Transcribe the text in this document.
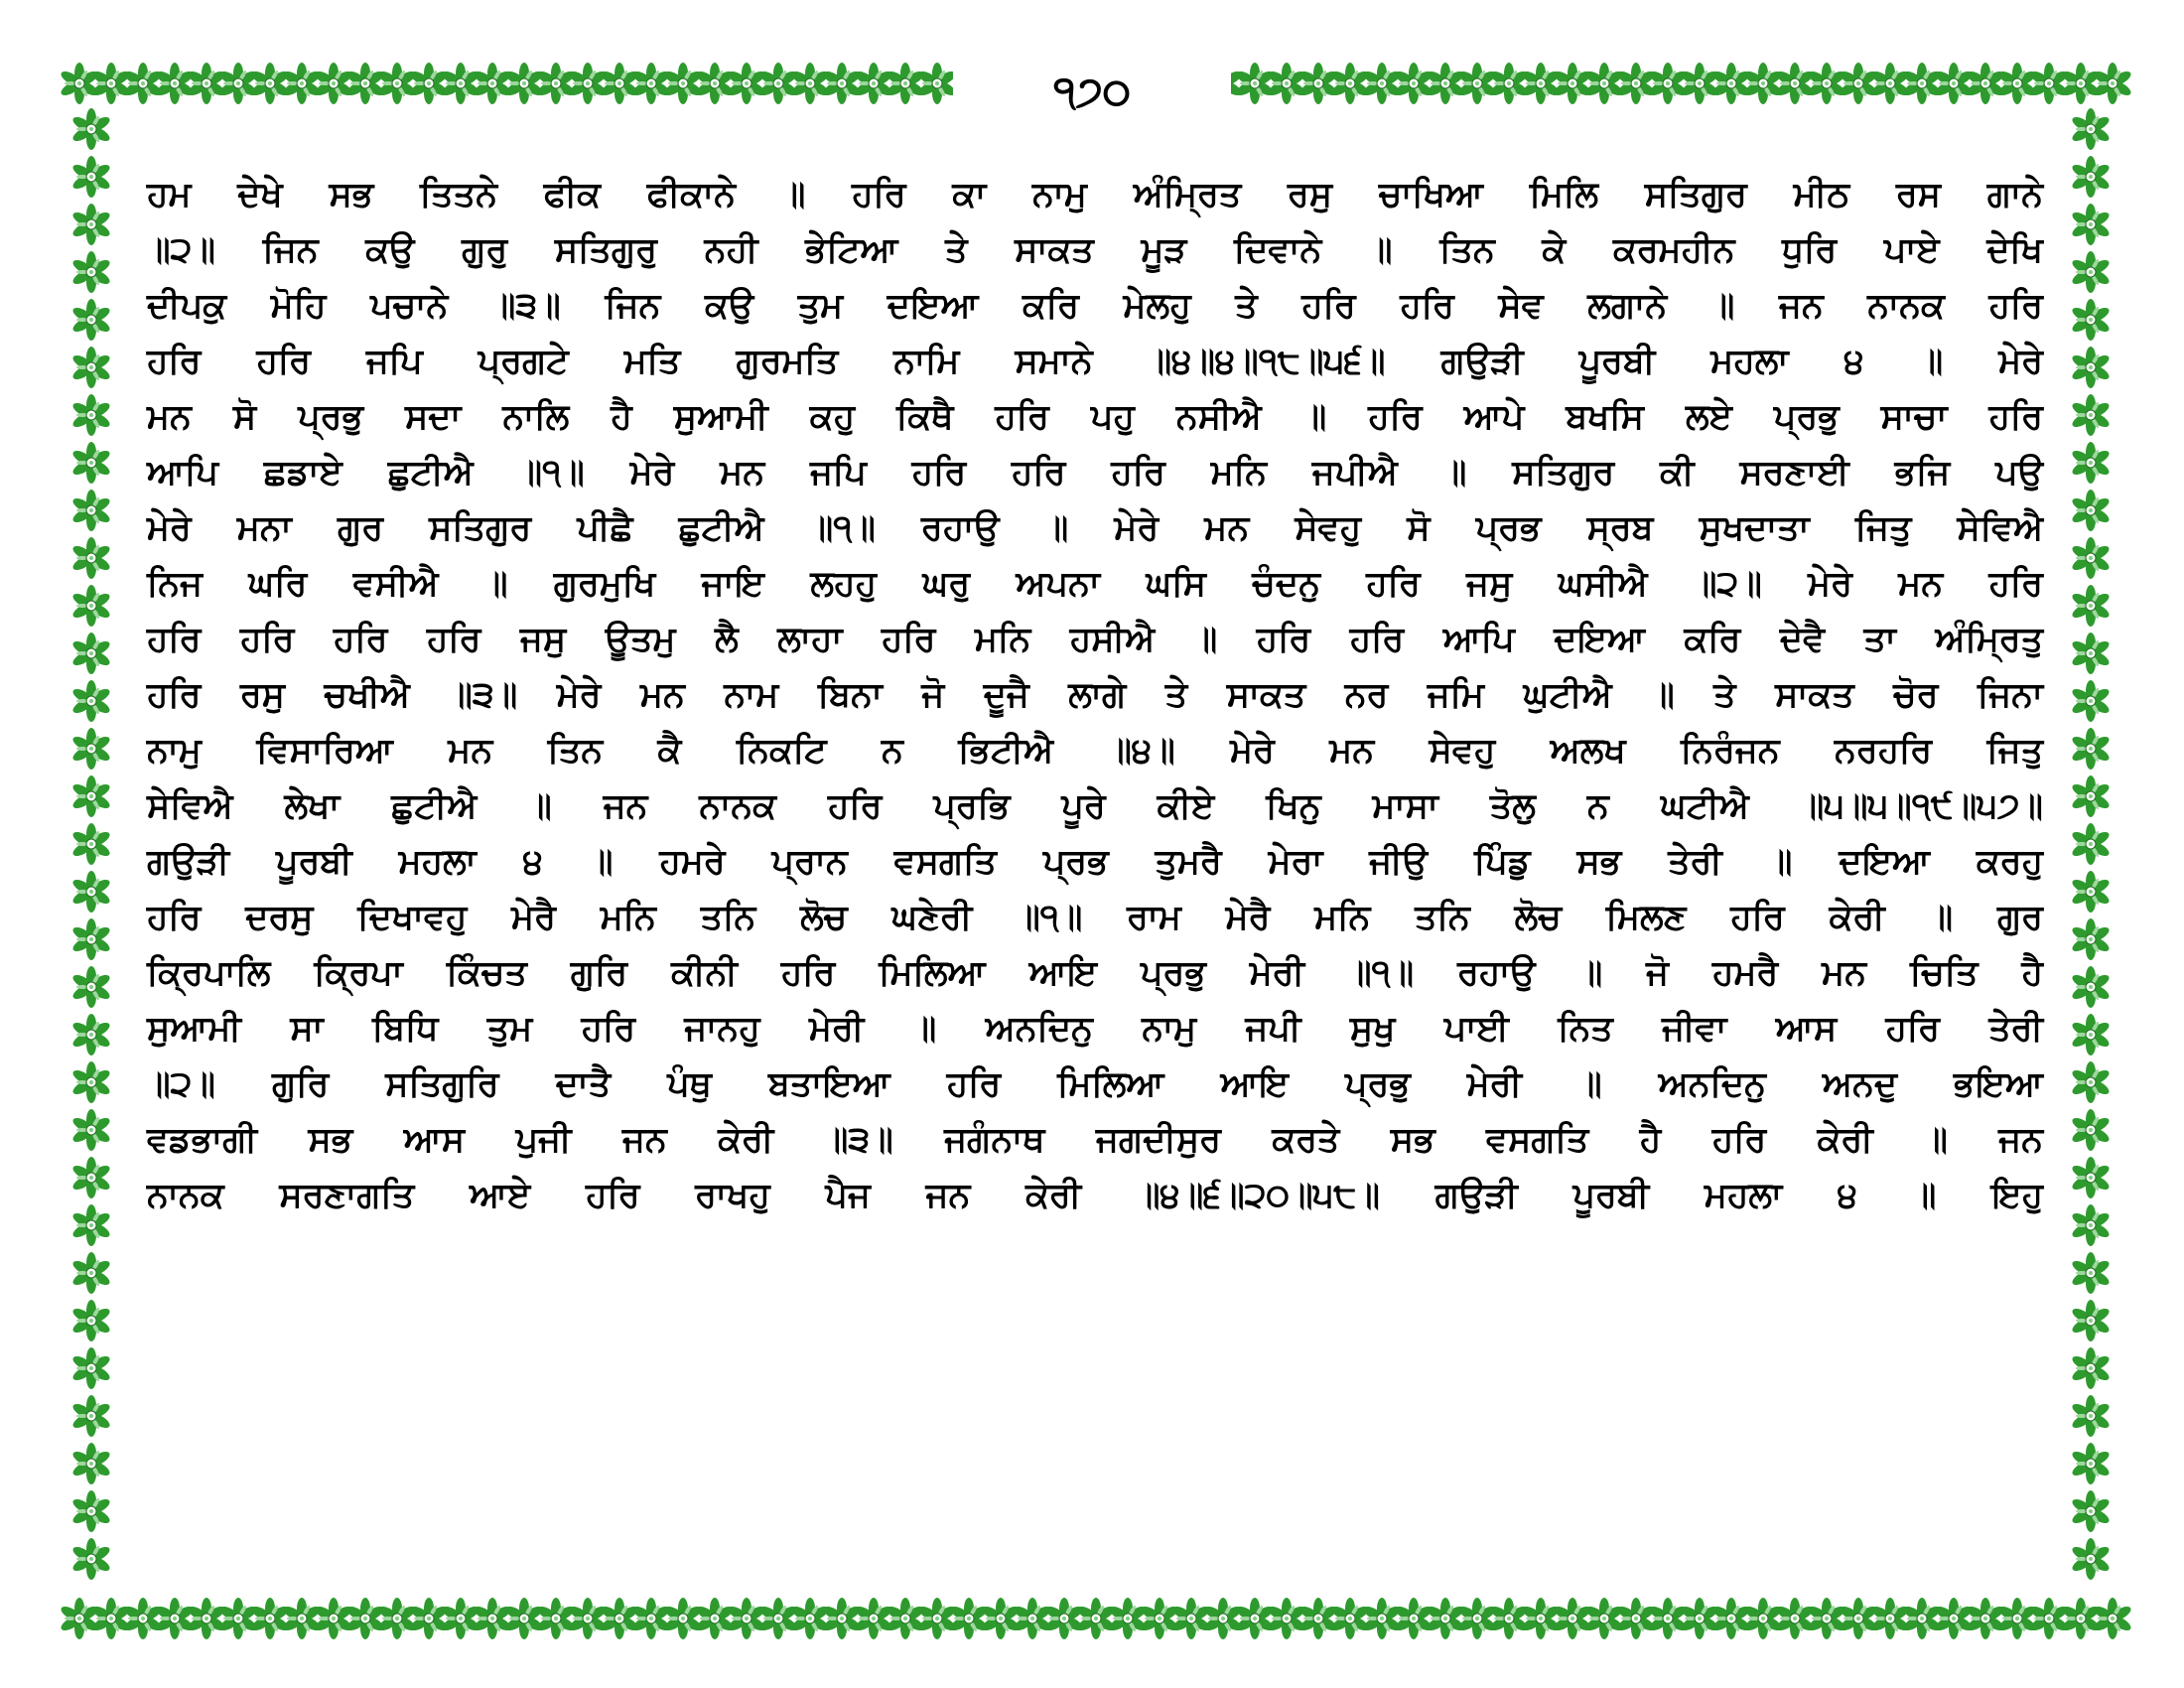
੧੭੦
ਹਮ ਦੇਖੇ ਸਭ ਤਿਤਨੇ ਫੀਕ ਫੀਕਾਨੇ ॥ ਹਰਿ ਕਾ ਨਾਮੁ ਅੰਮ੍ਰਿਤ ਰਸੁ ਚਾਖਿਆ ਮਿਲਿ ਸਤਿਗੁਰ ਮੀਠ ਰਸ ਗਾਨੇ
॥੨॥ ਜਿਨ ਕਉ ਗੁਰੁ ਸਤਿਗੁਰੁ ਨਹੀ ਭੇਟਿਆ ਤੇ ਸਾਕਤ ਮੂੜ ਦਿਵਾਨੇ ॥ ਤਿਨ ਕੇ ਕਰਮਹੀਨ ਧੁਰਿ ਪਾਏ ਦੇਖਿ
ਦੀਪਕੁ ਮੋਹਿ ਪਚਾਨੇ ॥੩॥ ਜਿਨ ਕਉ ਤੁਮ ਦਇਆ ਕਰਿ ਮੇਲਹੁ ਤੇ ਹਰਿ ਹਰਿ ਸੇਵ ਲਗਾਨੇ ॥ ਜਨ ਨਾਨਕ ਹਰਿ
ਹਰਿ ਹਰਿ ਜਪਿ ਪ੍ਰਗਟੇ ਮਤਿ ਗੁਰਮਤਿ ਨਾਮਿ ਸਮਾਨੇ ॥੪॥੪॥੧੮॥੫੬॥ ਗਉੜੀ ਪੂਰਬੀ ਮਹਲਾ ੪ ॥ ਮੇਰੇ
ਮਨ ਸੋ ਪ੍ਰਭੁ ਸਦਾ ਨਾਲਿ ਹੈ ਸੁਆਮੀ ਕਹੁ ਕਿਥੈ ਹਰਿ ਪਹੁ ਨਸੀਐ ॥ ਹਰਿ ਆਪੇ ਬਖਸਿ ਲਏ ਪ੍ਰਭੁ ਸਾਚਾ ਹਰਿ
ਆਪਿ ਛਡਾਏ ਛੁਟੀਐ ॥੧॥ ਮੇਰੇ ਮਨ ਜਪਿ ਹਰਿ ਹਰਿ ਹਰਿ ਮਨਿ ਜਪੀਐ ॥ ਸਤਿਗੁਰ ਕੀ ਸਰਣਾਈ ਭਜਿ ਪਉ
ਮੇਰੇ ਮਨਾ ਗੁਰ ਸਤਿਗੁਰ ਪੀਛੈ ਛੁਟੀਐ ॥੧॥ ਰਹਾਉ ॥ ਮੇਰੇ ਮਨ ਸੇਵਹੁ ਸੋ ਪ੍ਰਭ ਸ੍ਰਬ ਸੁਖਦਾਤਾ ਜਿਤੁ ਸੇਵਿਐ
ਨਿਜ ਘਰਿ ਵਸੀਐ ॥ ਗੁਰਮੁਖਿ ਜਾਇ ਲਹਹੁ ਘਰੁ ਅਪਨਾ ਘਸਿ ਚੰਦਨੁ ਹਰਿ ਜਸੁ ਘਸੀਐ ॥੨॥ ਮੇਰੇ ਮਨ ਹਰਿ
ਹਰਿ ਹਰਿ ਹਰਿ ਹਰਿ ਜਸੁ ਊਤਮੁ ਲੈ ਲਾਹਾ ਹਰਿ ਮਨਿ ਹਸੀਐ ॥ ਹਰਿ ਹਰਿ ਆਪਿ ਦਇਆ ਕਰਿ ਦੇਵੈ ਤਾ ਅੰਮ੍ਰਿਤੁ
ਹਰਿ ਰਸੁ ਚਖੀਐ ॥੩॥ ਮੇਰੇ ਮਨ ਨਾਮ ਬਿਨਾ ਜੋ ਦੂਜੈ ਲਾਗੇ ਤੇ ਸਾਕਤ ਨਰ ਜਮਿ ਘੁਟੀਐ ॥ ਤੇ ਸਾਕਤ ਚੋਰ ਜਿਨਾ
ਨਾਮੁ ਵਿਸਾਰਿਆ ਮਨ ਤਿਨ ਕੈ ਨਿਕਟਿ ਨ ਭਿਟੀਐ ॥੪॥ ਮੇਰੇ ਮਨ ਸੇਵਹੁ ਅਲਖ ਨਿਰੰਜਨ ਨਰਹਰਿ ਜਿਤੁ
ਸੇਵਿਐ ਲੇਖਾ ਛੁਟੀਐ ॥ ਜਨ ਨਾਨਕ ਹਰਿ ਪ੍ਰਭਿ ਪੂਰੇ ਕੀਏ ਖਿਨੁ ਮਾਸਾ ਤੋਲੁ ਨ ਘਟੀਐ ॥੫॥੫॥੧੯॥੫੭॥
ਗਉੜੀ ਪੂਰਬੀ ਮਹਲਾ ੪ ॥ ਹਮਰੇ ਪ੍ਰਾਨ ਵਸਗਤਿ ਪ੍ਰਭ ਤੁਮਰੈ ਮੇਰਾ ਜੀਉ ਪਿੰਡੁ ਸਭ ਤੇਰੀ ॥ ਦਇਆ ਕਰਹੁ
ਹਰਿ ਦਰਸੁ ਦਿਖਾਵਹੁ ਮੇਰੈ ਮਨਿ ਤਨਿ ਲੋਚ ਘਣੇਰੀ ॥੧॥ ਰਾਮ ਮੇਰੈ ਮਨਿ ਤਨਿ ਲੋਚ ਮਿਲਣ ਹਰਿ ਕੇਰੀ ॥ ਗੁਰ
ਕ੍ਰਿਪਾਲਿ ਕ੍ਰਿਪਾ ਕਿੰਚਤ ਗੁਰਿ ਕੀਨੀ ਹਰਿ ਮਿਲਿਆ ਆਇ ਪ੍ਰਭੁ ਮੇਰੀ ॥੧॥ ਰਹਾਉ ॥ ਜੋ ਹਮਰੈ ਮਨ ਚਿਤਿ ਹੈ
ਸੁਆਮੀ ਸਾ ਬਿਧਿ ਤੁਮ ਹਰਿ ਜਾਨਹੁ ਮੇਰੀ ॥ ਅਨਦਿਨੁ ਨਾਮੁ ਜਪੀ ਸੁਖੁ ਪਾਈ ਨਿਤ ਜੀਵਾ ਆਸ ਹਰਿ ਤੇਰੀ
॥੨॥ ਗੁਰਿ ਸਤਿਗੁਰਿ ਦਾਤੈ ਪੰਥੁ ਬਤਾਇਆ ਹਰਿ ਮਿਲਿਆ ਆਇ ਪ੍ਰਭੁ ਮੇਰੀ ॥ ਅਨਦਿਨੁ ਅਨਦੁ ਭਇਆ
ਵਡਭਾਗੀ ਸਭ ਆਸ ਪੁਜੀ ਜਨ ਕੇਰੀ ॥੩॥ ਜਗੰਨਾਥ ਜਗਦੀਸੁਰ ਕਰਤੇ ਸਭ ਵਸਗਤਿ ਹੈ ਹਰਿ ਕੇਰੀ ॥ ਜਨ
ਨਾਨਕ ਸਰਣਾਗਤਿ ਆਏ ਹਰਿ ਰਾਖਹੁ ਪੈਜ ਜਨ ਕੇਰੀ ॥੪॥੬॥੨੦॥੫੮॥ ਗਉੜੀ ਪੂਰਬੀ ਮਹਲਾ ੪ ॥ ਇਹੁ
